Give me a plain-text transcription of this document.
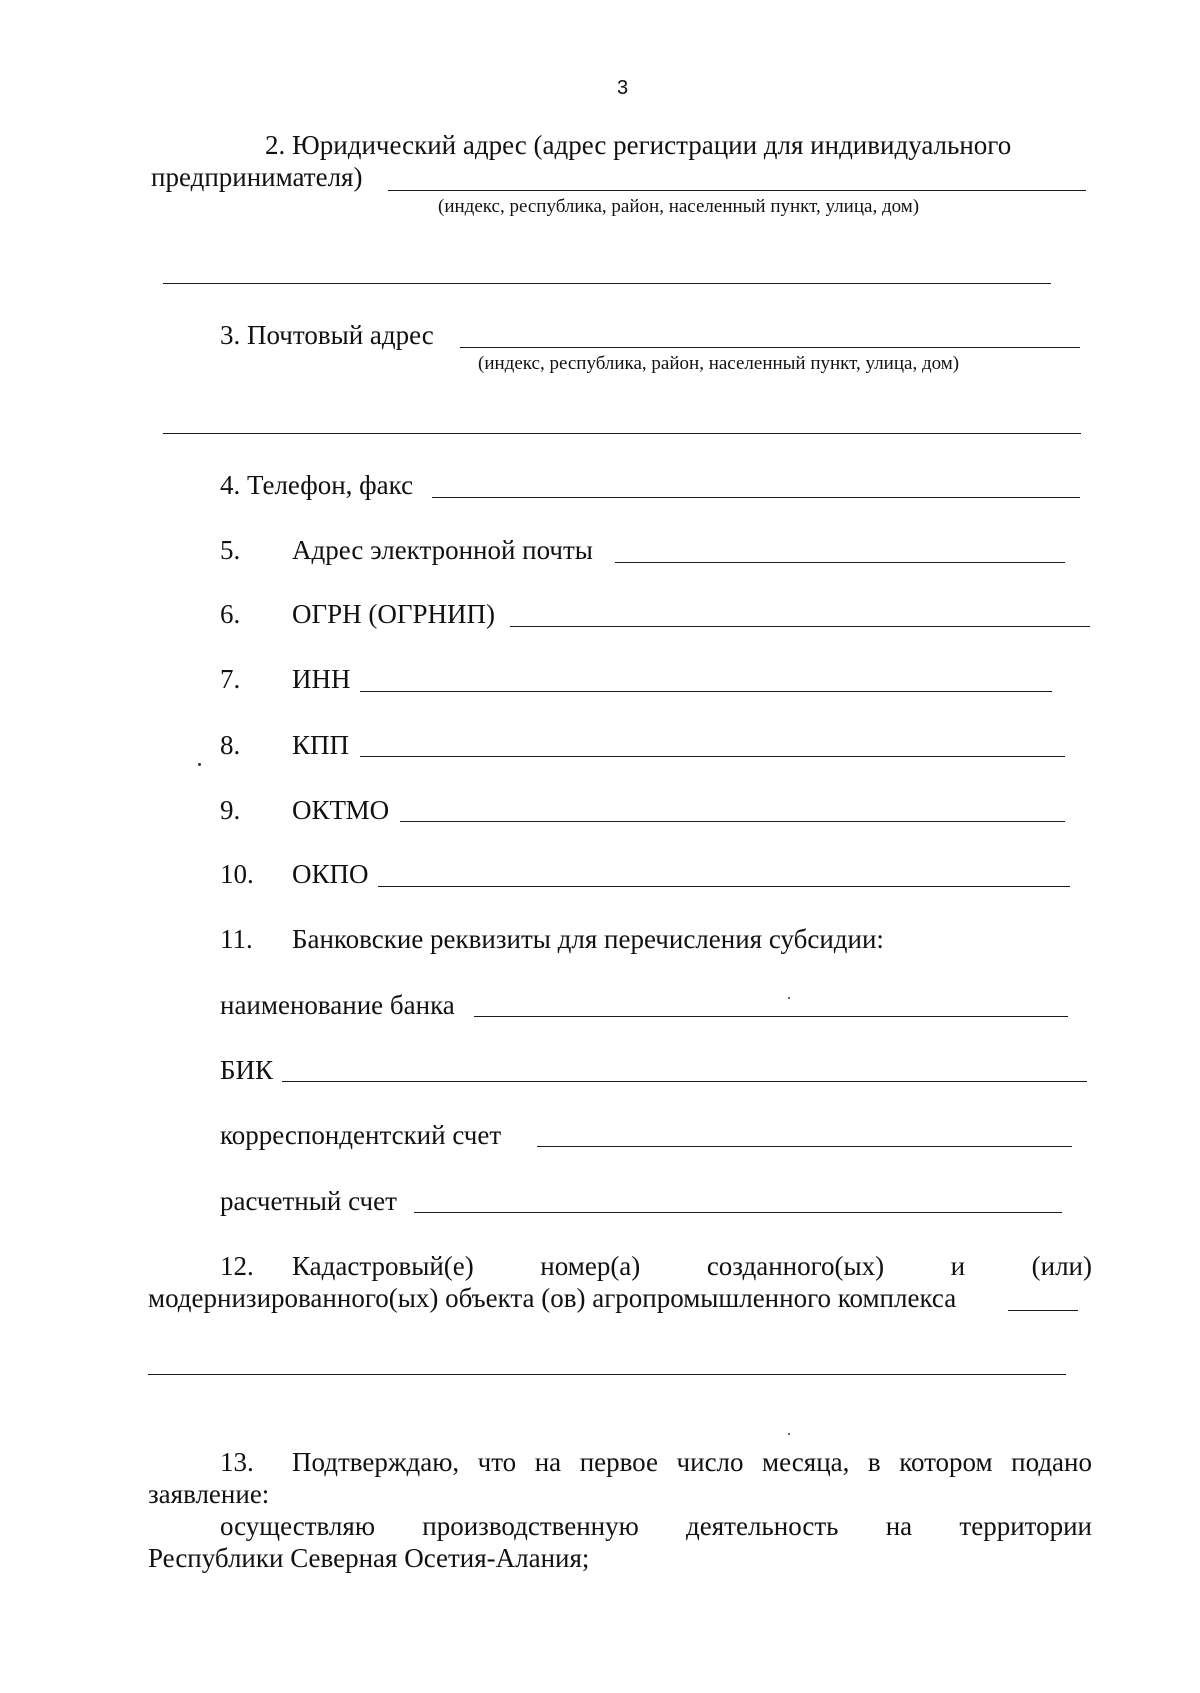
3
2. Юридический адрес (адрес регистрации для индивидуального
предпринимателя)
(индекс, республика, район, населенный пункт, улица, дом)
3. Почтовый адрес
(индекс, республика, район, населенный пункт, улица, дом)
4. Телефон, факс
5. Адрес электронной почты
6. ОГРН (ОГРНИП)
7. ИНН
8. КПП
9. ОКТМО
10. ОКПО
11. Банковские реквизиты для перечисления субсидии:
наименование банка
БИК
корреспондентский счет
расчетный счет
12. Кадастровый(е) номер(а) созданного(ых) и (или)
модернизированного(ых) объекта (ов) агропромышленного комплекса
13. Подтверждаю, что на первое число месяца, в котором подано
заявление:
осуществляю производственную деятельность на территории
Республики Северная Осетия-Алания;
